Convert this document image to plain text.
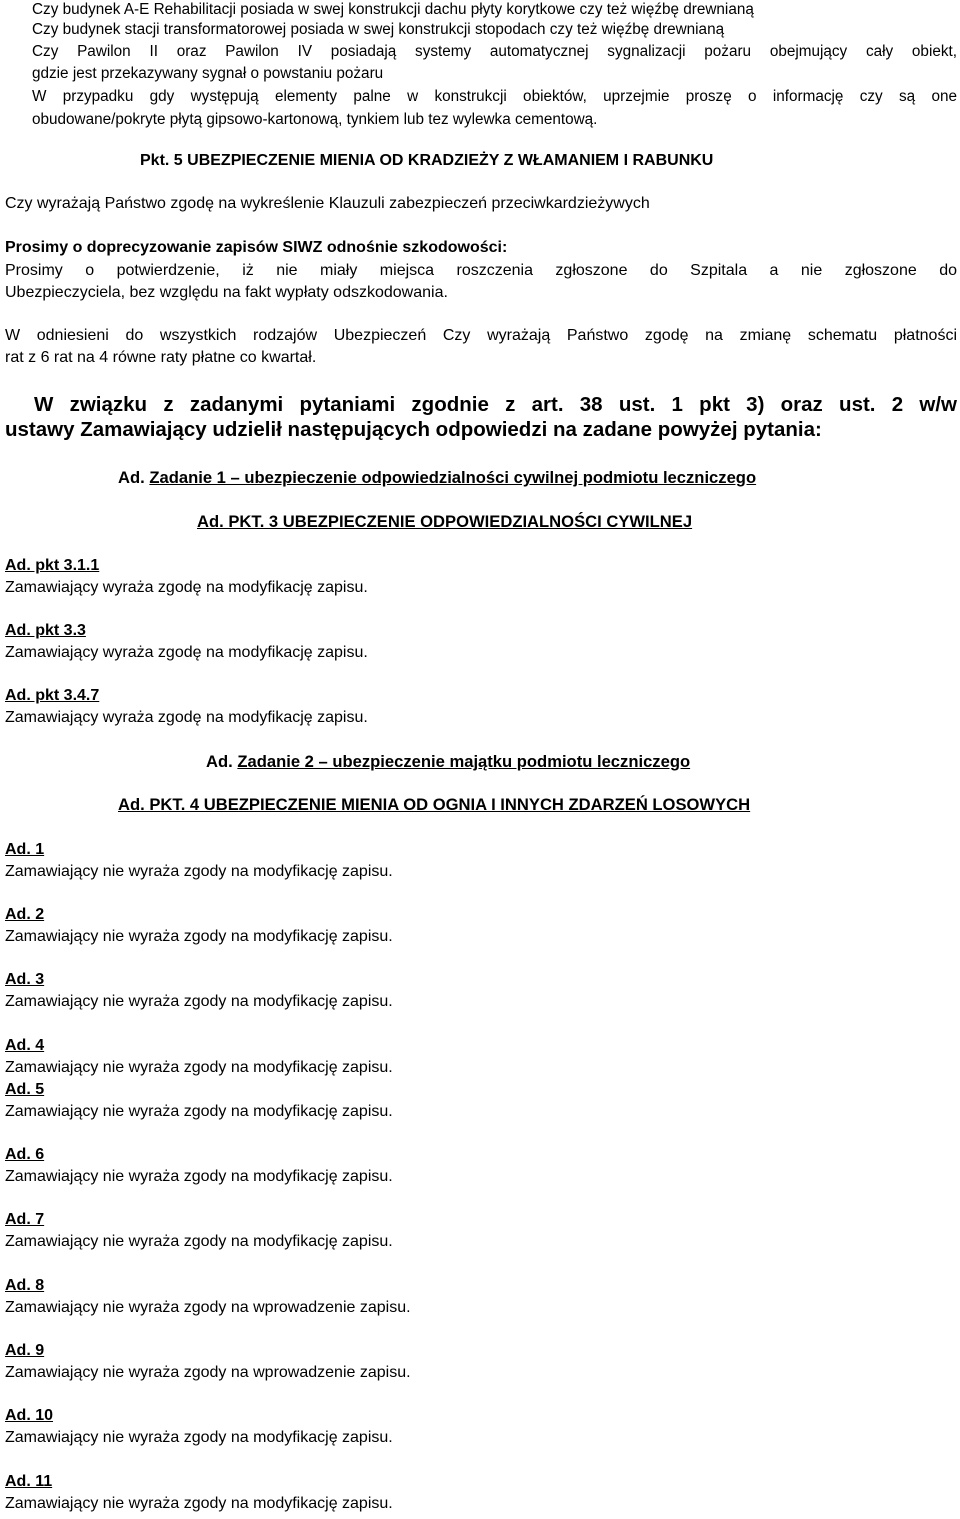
Czy budynek A-E Rehabilitacji posiada w swej konstrukcji dachu płyty korytkowe czy też więźbę drewnianą
Czy budynek stacji transformatorowej posiada w swej konstrukcji stopodach czy też więźbę drewnianą
Czy Pawilon II oraz Pawilon IV posiadają systemy automatycznej sygnalizacji pożaru obejmujący cały obiekt,
gdzie jest przekazywany sygnał o powstaniu pożaru
W przypadku gdy występują elementy palne w konstrukcji obiektów, uprzejmie proszę o informację czy są one
obudowane/pokryte płytą gipsowo-kartonową, tynkiem lub tez wylewka cementową.
Pkt. 5 UBEZPIECZENIE MIENIA OD KRADZIEŻY Z WŁAMANIEM I RABUNKU
Czy wyrażają Państwo zgodę na wykreślenie Klauzuli zabezpieczeń przeciwkardzieżywych
Prosimy o doprecyzowanie zapisów SIWZ odnośnie szkodowości:
Prosimy o potwierdzenie, iż nie miały miejsca roszczenia zgłoszone do Szpitala a nie zgłoszone do
Ubezpieczyciela, bez względu na fakt wypłaty odszkodowania.
W odniesieni do wszystkich rodzajów Ubezpieczeń Czy wyrażają Państwo zgodę na zmianę schematu płatności
rat z 6 rat na 4 równe raty płatne co kwartał.
W związku z zadanymi pytaniami zgodnie z art. 38 ust. 1 pkt 3) oraz ust. 2 w/w
ustawy Zamawiający udzielił następujących odpowiedzi na zadane powyżej pytania:
Ad. Zadanie 1 – ubezpieczenie odpowiedzialności cywilnej podmiotu leczniczego
Ad. PKT. 3 UBEZPIECZENIE ODPOWIEDZIALNOŚCI CYWILNEJ
Ad. pkt 3.1.1
Zamawiający wyraża zgodę na modyfikację zapisu.
Ad. pkt 3.3
Zamawiający wyraża zgodę na modyfikację zapisu.
Ad. pkt 3.4.7
Zamawiający wyraża zgodę na modyfikację zapisu.
Ad. Zadanie 2 – ubezpieczenie majątku podmiotu leczniczego
Ad. PKT. 4 UBEZPIECZENIE MIENIA OD OGNIA I INNYCH ZDARZEŃ LOSOWYCH
Ad. 1
Zamawiający nie wyraża zgody na modyfikację zapisu.
Ad. 2
Zamawiający nie wyraża zgody na modyfikację zapisu.
Ad. 3
Zamawiający nie wyraża zgody na modyfikację zapisu.
Ad. 4
Zamawiający nie wyraża zgody na modyfikację zapisu.
Ad. 5
Zamawiający nie wyraża zgody na modyfikację zapisu.
Ad. 6
Zamawiający nie wyraża zgody na modyfikację zapisu.
Ad. 7
Zamawiający nie wyraża zgody na modyfikację zapisu.
Ad. 8
Zamawiający nie wyraża zgody na wprowadzenie zapisu.
Ad. 9
Zamawiający nie wyraża zgody na wprowadzenie zapisu.
Ad. 10
Zamawiający nie wyraża zgody na modyfikację zapisu.
Ad. 11
Zamawiający nie wyraża zgody na modyfikację zapisu.
